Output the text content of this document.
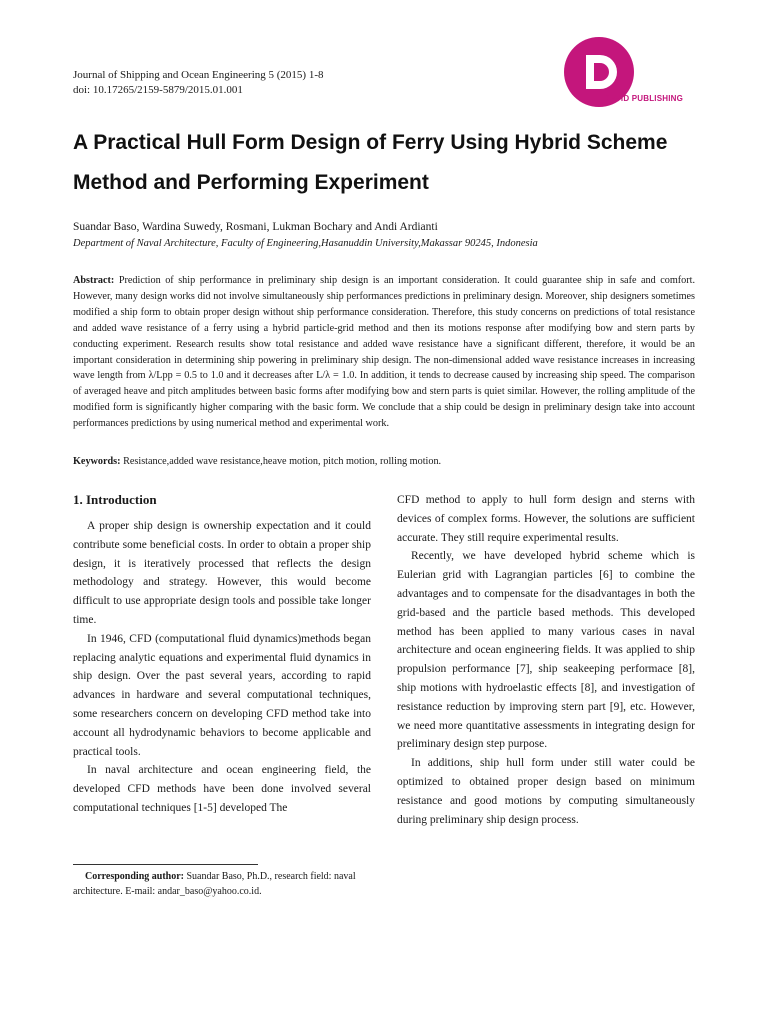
Journal of Shipping and Ocean Engineering 5 (2015) 1-8
doi: 10.17265/2159-5879/2015.01.001
DAVID PUBLISHING
A Practical Hull Form Design of Ferry Using Hybrid Scheme Method and Performing Experiment
Suandar Baso, Wardina Suwedy, Rosmani, Lukman Bochary and Andi Ardianti
Department of Naval Architecture, Faculty of Engineering,Hasanuddin University,Makassar 90245, Indonesia
Abstract: Prediction of ship performance in preliminary ship design is an important consideration. It could guarantee ship in safe and comfort. However, many design works did not involve simultaneously ship performances predictions in preliminary design. Moreover, ship designers sometimes modified a ship form to obtain proper design without ship performance consideration. Therefore, this study concerns on predictions of total resistance and added wave resistance of a ferry using a hybrid particle-grid method and then its motions response after modifying bow and stern parts by conducting experiment. Research results show total resistance and added wave resistance have a significant different, therefore, it would be an important consideration in determining ship powering in preliminary ship design. The non-dimensional added wave resistance increases in increasing wave length from λ/Lpp = 0.5 to 1.0 and it decreases after L/λ = 1.0. In addition, it tends to decrease caused by increasing ship speed. The comparison of averaged heave and pitch amplitudes between basic forms after modifying bow and stern parts is quiet similar. However, the rolling amplitude of the modified form is significantly higher comparing with the basic form. We conclude that a ship could be design in preliminary design take into account performances predictions by using numerical method and experimental work.
Keywords: Resistance,added wave resistance,heave motion, pitch motion, rolling motion.
1. Introduction

A proper ship design is ownership expectation and it could contribute some beneficial costs. In order to obtain a proper ship design, it is iteratively processed that reflects the design methodology and strategy. However, this would become difficult to use appropriate design tools and possible take longer time.

In 1946, CFD (computational fluid dynamics)methods began replacing analytic equations and experimental fluid dynamics in ship design. Over the past several years, according to rapid advances in hardware and several computational techniques, some researchers concern on developing CFD method take into account all hydrodynamic behaviors to become applicable and practical tools.

In naval architecture and ocean engineering field, the developed CFD methods have been done involved several computational techniques [1-5] developed The

CFD method to apply to hull form design and sterns with devices of complex forms. However, the solutions are sufficient accurate. They still require experimental results.

Recently, we have developed hybrid scheme which is Eulerian grid with Lagrangian particles [6] to combine the advantages and to compensate for the disadvantages in both the grid-based and the particle based methods. This developed method has been applied to many various cases in naval architecture and ocean engineering fields. It was applied to ship propulsion performance [7], ship seakeeping performace [8], ship motions with hydroelastic effects [8], and investigation of resistance reduction by improving stern part [9], etc. However, we need more quantitative assessments in integrating design for preliminary design step purpose.

In additions, ship hull form under still water could be optimized to obtained proper design based on minimum resistance and good motions by computing simultaneously during preliminary ship design process.

Corresponding author: Suandar Baso, Ph.D., research field: naval architecture. E-mail: andar_baso@yahoo.co.id.
